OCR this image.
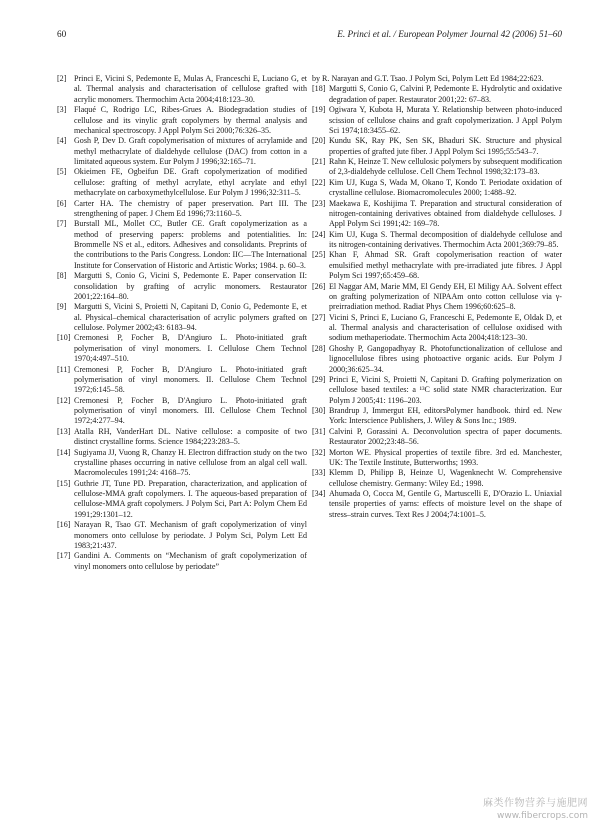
60	E. Princi et al. / European Polymer Journal 42 (2006) 51–60
[2] Princi E, Vicini S, Pedemonte E, Mulas A, Franceschi E, Luciano G, et al. Thermal analysis and characterisation of cellulose grafted with acrylic monomers. Thermochim Acta 2004;418:123–30.
[3] Flaqué C, Rodrigo LC, Ribes-Grues A. Biodegradation studies of cellulose and its vinylic graft copolymers by thermal analysis and mechanical spectroscopy. J Appl Polym Sci 2000;76:326–35.
[4] Gosh P, Dev D. Graft copolymerisation of mixtures of acrylamide and methyl methacrylate of dialdehyde cellulose (DAC) from cotton in a limitated aqueous system. Eur Polym J 1996;32:165–71.
[5] Okieimen FE, Ogbeifun DE. Graft copolymerization of modified cellulose: grafting of methyl acrylate, ethyl acrylate and ethyl methacrylate on carboxymethylcellulose. Eur Polym J 1996;32:311–5.
[6] Carter HA. The chemistry of paper preservation. Part III. The strengthening of paper. J Chem Ed 1996;73:1160–5.
[7] Burstall ML, Mollet CC, Butler CE. Graft copolymerization as a method of preserving papers: problems and potentialities. In: Brommelle NS et al., editors. Adhesives and consolidants. Preprints of the contributions to the Paris Congress. London: IIC—The International Institute for Conservation of Historic and Artistic Works; 1984. p. 60–3.
[8] Margutti S, Conio G, Vicini S, Pedemonte E. Paper conservation II: consolidation by grafting of acrylic monomers. Restaurator 2001;22:164–80.
[9] Margutti S, Vicini S, Proietti N, Capitani D, Conio G, Pedemonte E, et al. Physical–chemical characterisation of acrylic polymers grafted on cellulose. Polymer 2002;43: 6183–94.
[10] Cremonesi P, Focher B, D'Angiuro L. Photo-initiated graft polymerisation of vinyl monomers. I. Cellulose Chem Technol 1970;4:497–510.
[11] Cremonesi P, Focher B, D'Angiuro L. Photo-initiated graft polymerisation of vinyl monomers. II. Cellulose Chem Technol 1972;6:145–58.
[12] Cremonesi P, Focher B, D'Angiuro L. Photo-initiated graft polymerisation of vinyl monomers. III. Cellulose Chem Technol 1972;4:277–94.
[13] Atalla RH, VanderHart DL. Native cellulose: a composite of two distinct crystalline forms. Science 1984;223:283–5.
[14] Sugiyama JJ, Vuong R, Chanzy H. Electron diffraction study on the two crystalline phases occurring in native cellulose from an algal cell wall. Macromolecules 1991;24: 4168–75.
[15] Guthrie JT, Tune PD. Preparation, characterization, and application of cellulose-MMA graft copolymers. I. The aqueous-based preparation of cellulose-MMA graft copolymers. J Polym Sci, Part A: Polym Chem Ed 1991;29:1301–12.
[16] Narayan R, Tsao GT. Mechanism of graft copolymerization of vinyl monomers onto cellulose by periodate. J Polym Sci, Polym Lett Ed 1983;21:437.
[17] Gandini A. Comments on “Mechanism of graft copolymerization of vinyl monomers onto cellulose by periodate”
by R. Narayan and G.T. Tsao. J Polym Sci, Polym Lett Ed 1984;22:623.
[18] Margutti S, Conio G, Calvini P, Pedemonte E. Hydrolytic and oxidative degradation of paper. Restaurator 2001;22: 67–83.
[19] Ogiwara Y, Kubota H, Murata Y. Relationship between photo-induced scission of cellulose chains and graft copolymerization. J Appl Polym Sci 1974;18:3455–62.
[20] Kundu SK, Ray PK, Sen SK, Bhaduri SK. Structure and physical properties of grafted jute fiber. J Appl Polym Sci 1995;55:543–7.
[21] Rahn K, Heinze T. New cellulosic polymers by subsequent modification of 2,3-dialdehyde cellulose. Cell Chem Technol 1998;32:173–83.
[22] Kim UJ, Kuga S, Wada M, Okano T, Kondo T. Periodate oxidation of crystalline cellulose. Biomacromolecules 2000; 1:488–92.
[23] Maekawa E, Koshijima T. Preparation and structural consideration of nitrogen-containing derivatives obtained from dialdehyde celluloses. J Appl Polym Sci 1991;42: 169–78.
[24] Kim UJ, Kuga S. Thermal decomposition of dialdehyde cellulose and its nitrogen-containing derivatives. Thermochim Acta 2001;369:79–85.
[25] Khan F, Ahmad SR. Graft copolymerisation reaction of water emulsified methyl methacrylate with pre-irradiated jute fibres. J Appl Polym Sci 1997;65:459–68.
[26] El Naggar AM, Marie MM, El Gendy EH, El Miligy AA. Solvent effect on grafting polymerization of NIPAAm onto cotton cellulose via γ-preirradiation method. Radiat Phys Chem 1996;60:625–8.
[27] Vicini S, Princi E, Luciano G, Franceschi E, Pedemonte E, Oldak D, et al. Thermal analysis and characterisation of cellulose oxidised with sodium methaperiodate. Thermochim Acta 2004;418:123–30.
[28] Ghoshy P, Gangopadhyay R. Photofunctionalization of cellulose and lignocellulose fibres using photoactive organic acids. Eur Polym J 2000;36:625–34.
[29] Princi E, Vicini S, Proietti N, Capitani D. Grafting polymerization on cellulose based textiles: a ¹³C solid state NMR characterization. Eur Polym J 2005;41: 1196–203.
[30] Brandrup J, Immergut EH, editorsPolymer handbook. third ed. New York: Interscience Publishers, J. Wiley & Sons Inc.; 1989.
[31] Calvini P, Gorassini A. Deconvolution spectra of paper documents. Restaurator 2002;23:48–56.
[32] Morton WE. Physical properties of textile fibre. 3rd ed. Manchester, UK: The Textile Institute, Butterworths; 1993.
[33] Klemm D, Philipp B, Heinze U, Wagenknecht W. Comprehensive cellulose chemistry. Germany: Wiley Ed.; 1998.
[34] Ahumada O, Cocca M, Gentile G, Martuscelli E, D'Orazio L. Uniaxial tensile properties of yarns: effects of moisture level on the shape of stress–strain curves. Text Res J 2004;74:1001–5.
麻类作物营养与施肥网
www.fibercrops.com
